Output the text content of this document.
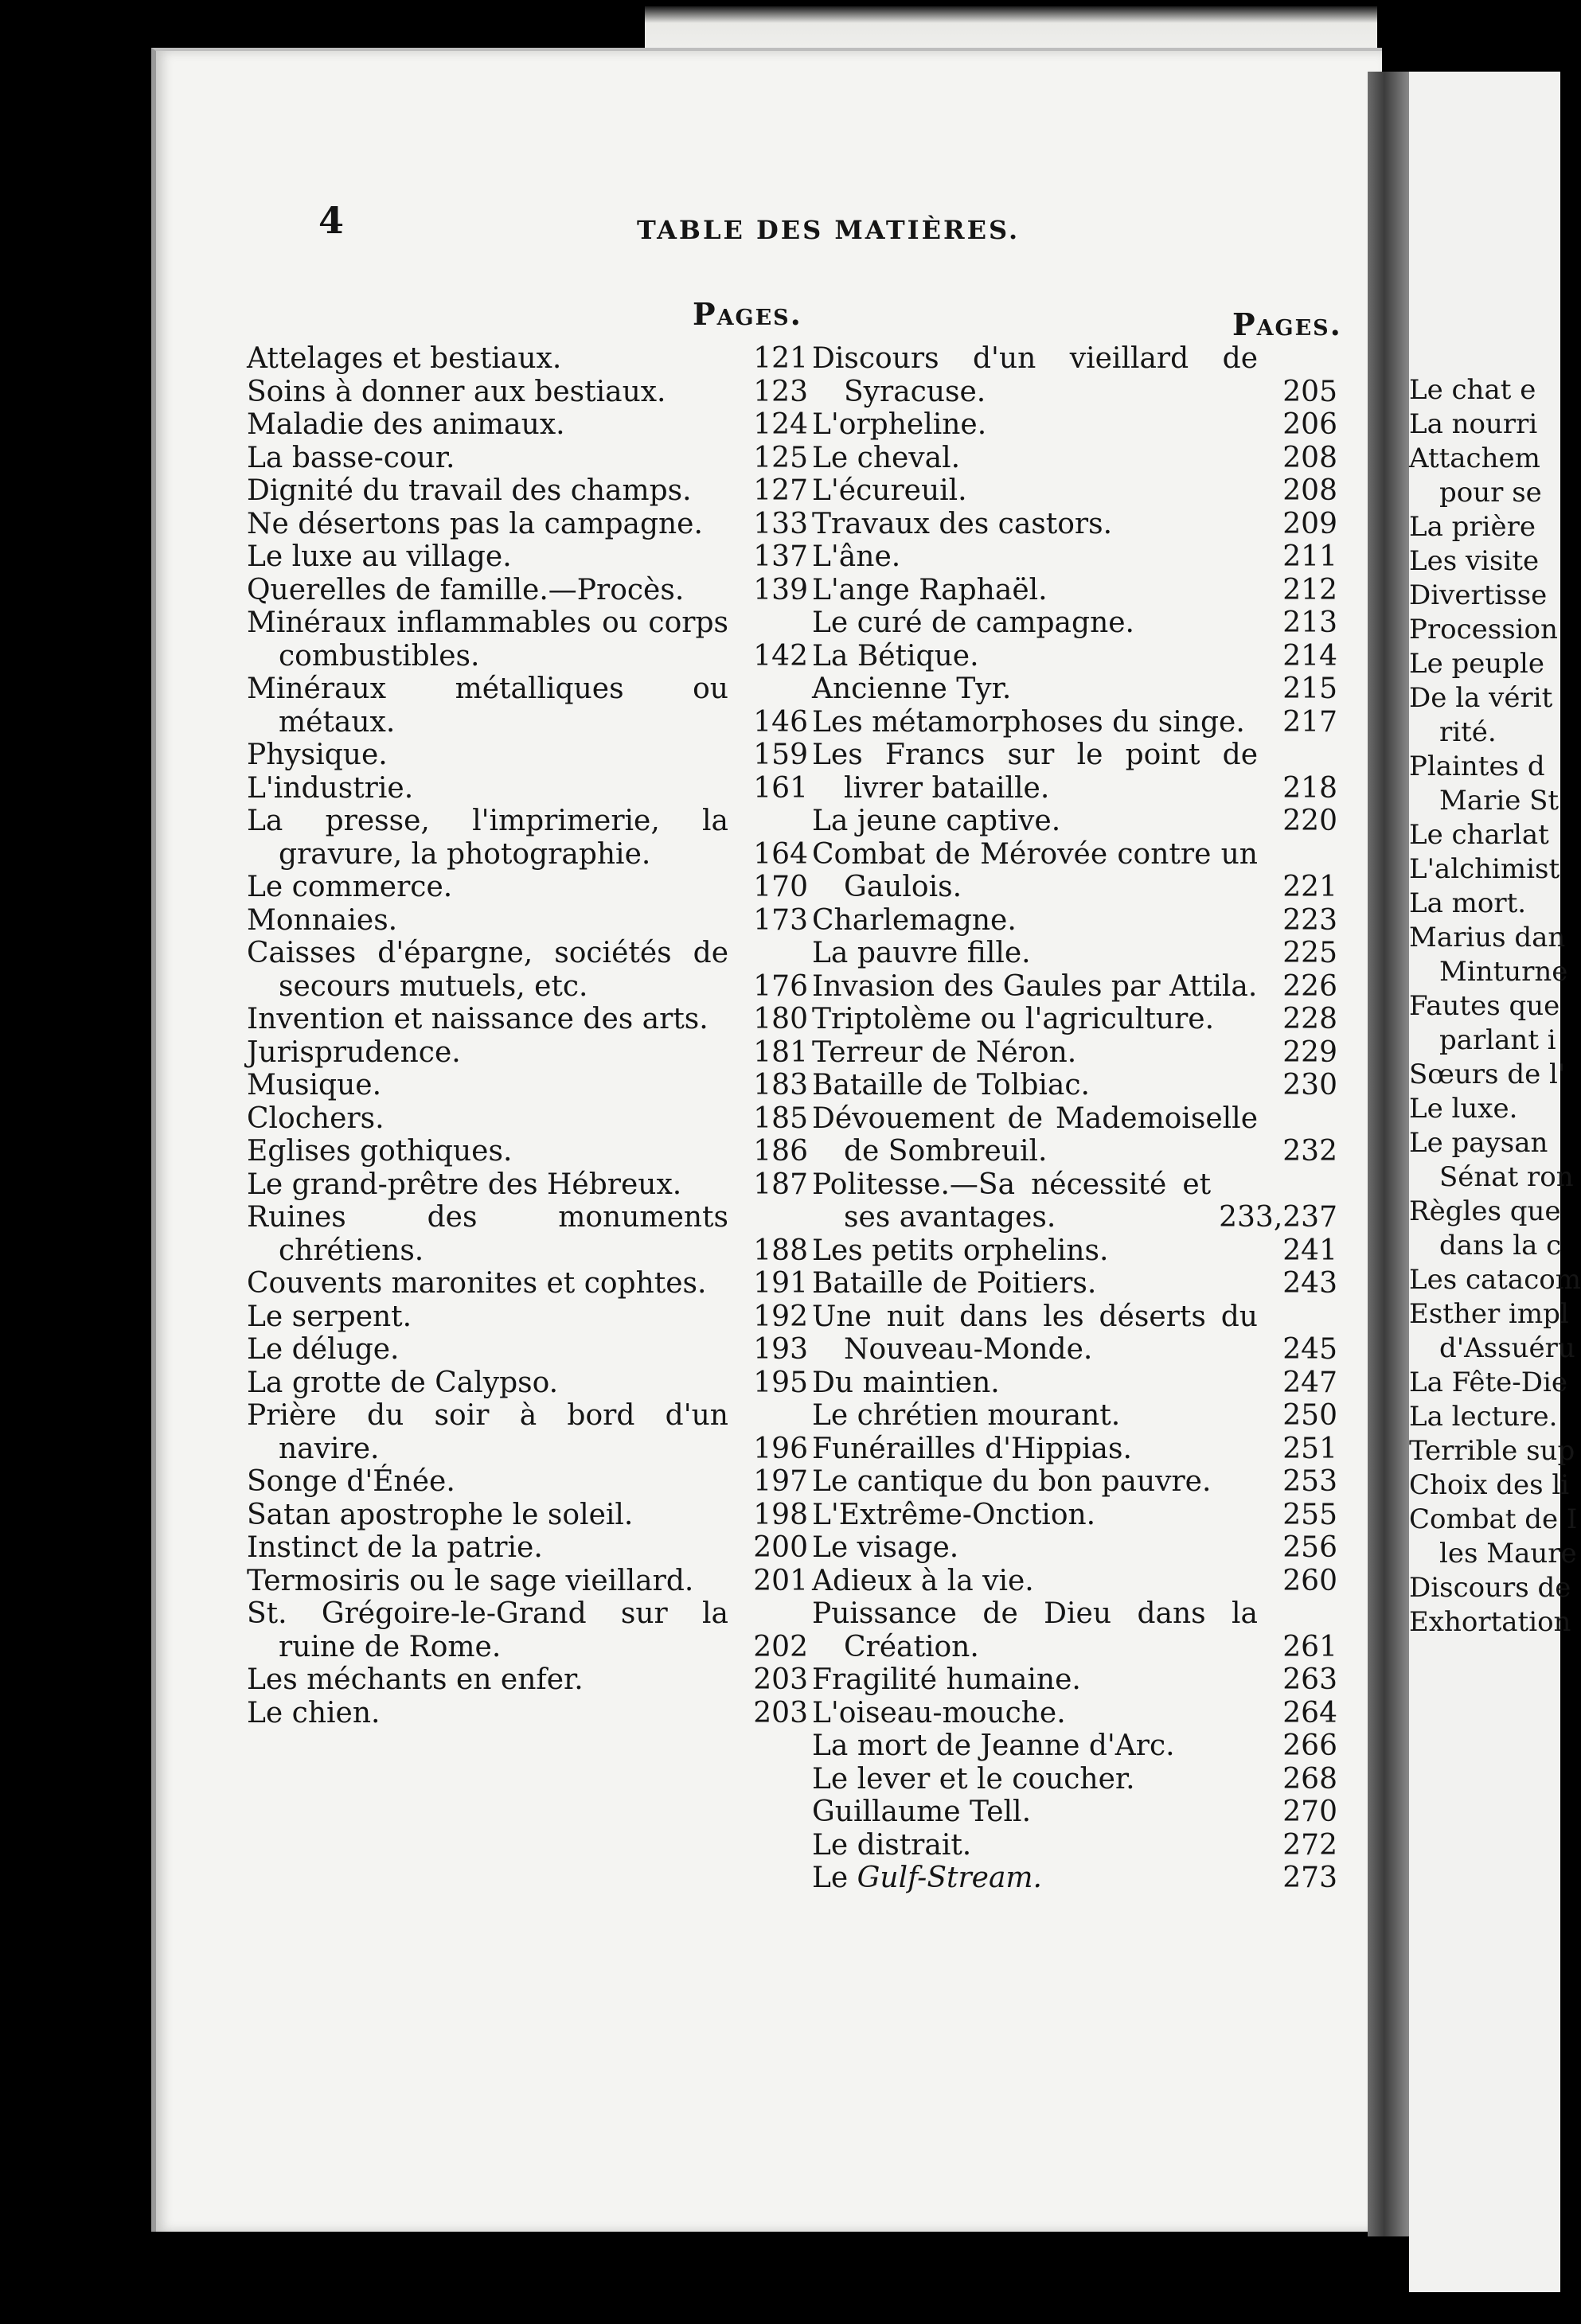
4	TABLE DES MATIÈRES.
Pages.	Pages.
Attelages et bestiaux.	121
Soins à donner aux bestiaux.	123
Maladie des animaux.	124
La basse-cour.	125
Dignité du travail des champs.	127
Ne désertons pas la campagne.	133
Le luxe au village.	137
Querelles de famille.—Procès.	139
Minéraux inflammables ou corps combustibles.	142
Minéraux métalliques ou métaux.	146
Physique.	159
L'industrie.	161
La presse, l'imprimerie, la gravure, la photographie.	164
Le commerce.	170
Monnaies.	173
Caisses d'épargne, sociétés de secours mutuels, etc.	176
Invention et naissance des arts.	180
Jurisprudence.	181
Musique.	183
Clochers.	185
Eglises gothiques.	186
Le grand-prêtre des Hébreux.	187
Ruines des monuments chrétiens.	188
Couvents maronites et cophtes.	191
Le serpent.	192
Le déluge.	193
La grotte de Calypso.	195
Prière du soir à bord d'un navire.	196
Songe d'Énée.	197
Satan apostrophe le soleil.	198
Instinct de la patrie.	200
Termosiris ou le sage vieillard.	201
St. Grégoire-le-Grand sur la ruine de Rome.	202
Les méchants en enfer.	203
Le chien.	203
Discours d'un vieillard de Syracuse.	205
L'orpheline.	206
Le cheval.	208
L'écureuil.	208
Travaux des castors.	209
L'âne.	211
L'ange Raphaël.	212
Le curé de campagne.	213
La Bétique.	214
Ancienne Tyr.	215
Les métamorphoses du singe.	217
Les Francs sur le point de livrer bataille.	218
La jeune captive.	220
Combat de Mérovée contre un Gaulois.	221
Charlemagne.	223
La pauvre fille.	225
Invasion des Gaules par Attila. 226
Triptolème ou l'agriculture.	228
Terreur de Néron.	229
Bataille de Tolbiac.	230
Dévouement de Mademoiselle de Sombreuil.	232
Politesse.—Sa nécessité et ses avantages.	233,237
Les petits orphelins.	241
Bataille de Poitiers.	243
Une nuit dans les déserts du Nouveau-Monde.	245
Du maintien.	247
Le chrétien mourant.	250
Funérailles d'Hippias.	251
Le cantique du bon pauvre.	253
L'Extrême-Onction.	255
Le visage.	256
Adieux à la vie.	260
Puissance de Dieu dans la Création.	261
Fragilité humaine.	263
L'oiseau-mouche.	264
La mort de Jeanne d'Arc.	266
Le lever et le coucher.	268
Guillaume Tell.	270
Le distrait.	272
Le Gulf-Stream.	273
Le chat e
La nourri
Attachem
pour se
La prière
Les visite
Divertisse
Procession
Le peuple
De la vérit
rité.
Plaintes d
Marie St
Le charlat
L'alchimist
La mort.
Marius dan
Minturne
Fautes que
parlant i
Sœurs de l'
Le luxe.
Le paysan
Sénat ron
Règles que
dans la c
Les catacom
Esther impl
d'Assuéru
La Fête-Die
La lecture.
Terrible sup
Choix des li
Combat de I
les Maure
Discours de
Exhortation
